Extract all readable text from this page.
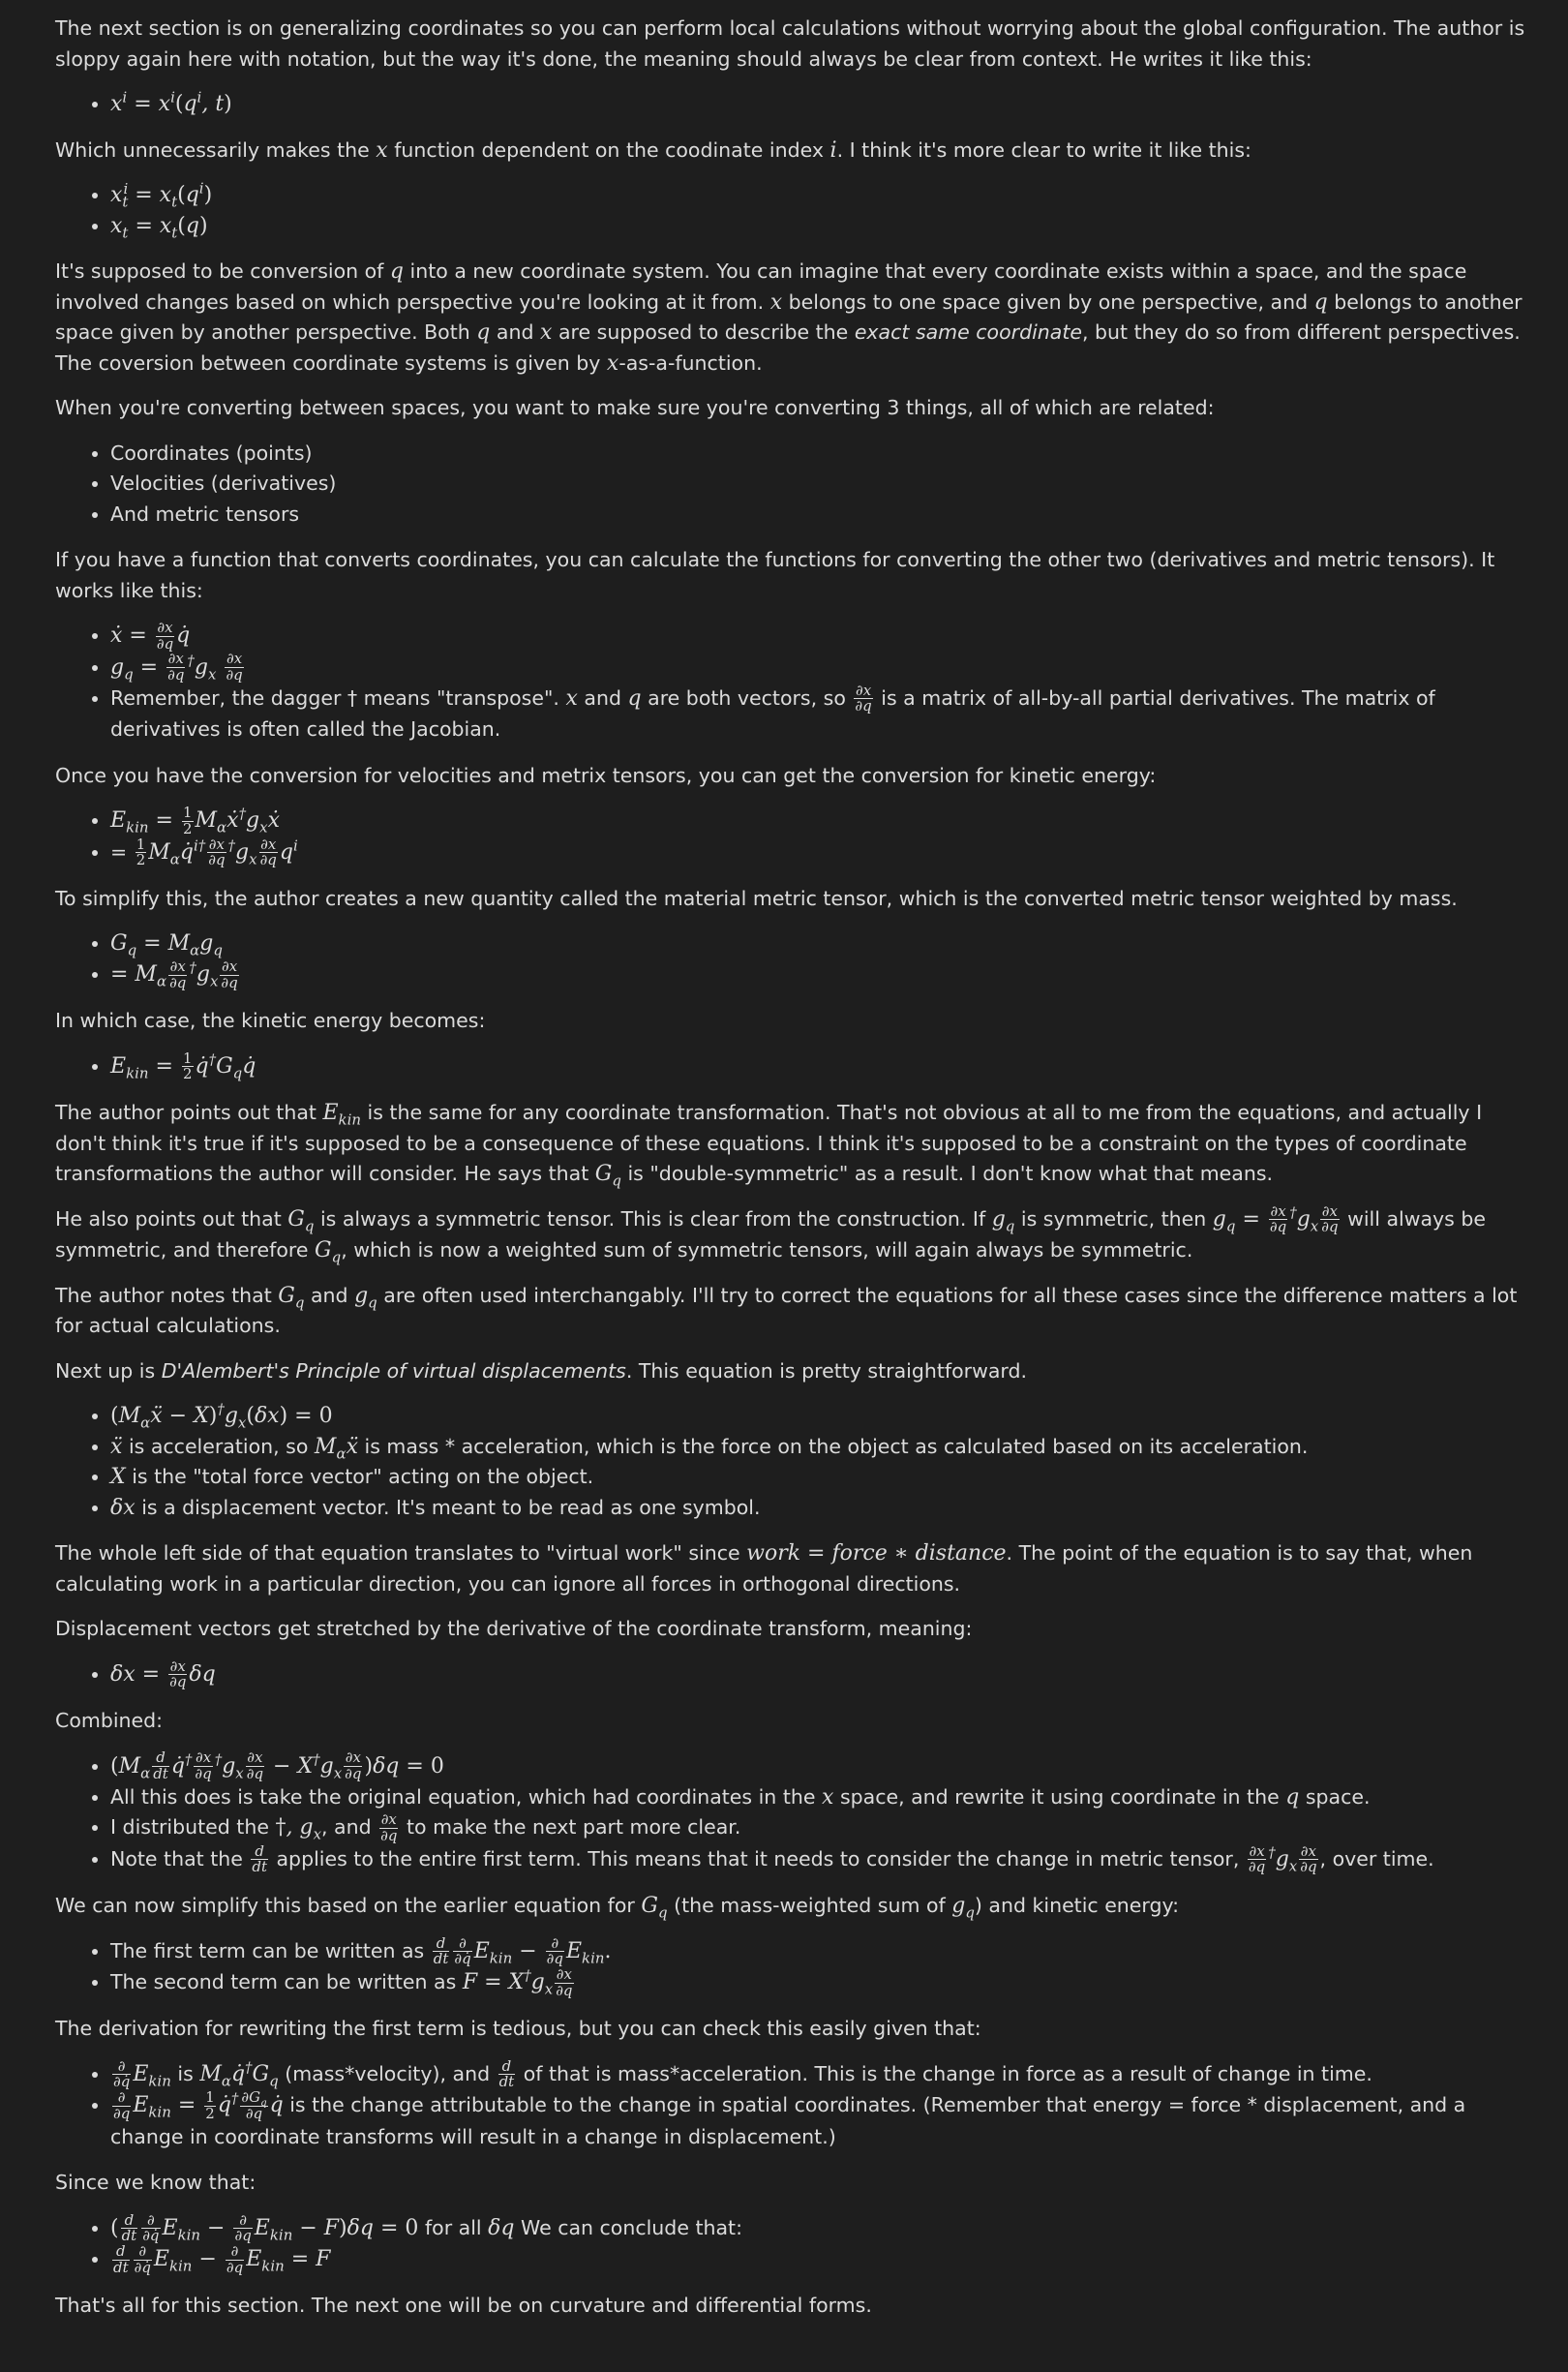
The next section is on generalizing coordinates so you can perform local calculations without worrying about the global configuration. The author is sloppy again here with notation, but the way it's done, the meaning should always be clear from context. He writes it like this:

• $x^i = x^i(q^i$, t)

Which unnecessarily makes the x function dependent on the coodinate index i. I think it's more clear to write it like this:

• $x_t^i = x_t(q^i)$
• $x_t = x_t(q)$

It's supposed to be conversion of q into a new coordinate system. You can imagine that every coordinate exists within a space, and the space involved changes based on which perspective you're looking at it from. x belongs to one space given by one perspective, and q belongs to another space given by another perspective. Both q and x are supposed to describe the exact same coordinate, but they do so from different perspectives. The coversion between coordinate systems is given by x-as-a-function.

When you're converting between spaces, you want to make sure you're converting 3 things, all of which are related:

• Coordinates (points)
• Velocities (derivatives)
• And metric tensors

If you have a function that converts coordinates, you can calculate the functions for converting the other two (derivatives and metric tensors). It works like this:

• ẋ = $\frac{\partial x}{\partial q}$ q̇
• $g_q = \frac{\partial x}{\partial q} ^\dagger g_x \frac{\partial x}{\partial q}$
• Remember, the dagger † means "transpose". x and q are both vectors, so $\frac{\partial x}{\partial q}$ is a matrix of all-by-all partial derivatives. The matrix of derivatives is often called the Jacobian.

Once you have the conversion for velocities and metrix tensors, you can get the conversion for kinetic energy:

• $E_{kin} = \frac{1}{2}$ $M_\alpha ẋ^\dagger g_xẋ$
• = $\frac{1}{2}$ $M_\alpha q̇^{i\dagger} \frac{\partial x}{\partial q} ^\dagger g_x \frac{\partial x}{\partial q} q^i$

To simplify this, the author creates a new quantity called the material metric tensor, which is the converted metric tensor weighted by mass.

• $G_q = M_\alpha g_q$
• = $M_\alpha \frac{\partial x}{\partial q} ^\dagger g_x \frac{\partial x}{\partial q}$

In which case, the kinetic energy becomes:

• $E_{kin} = \frac{1}{2}$ $q̇^\dagger G_qq̇$

The author points out that $E_{kin}$ is the same for any coordinate transformation. That's not obvious at all to me from the equations, and actually I don't think it's true if it's supposed to be a consequence of these equations. I think it's supposed to be a constraint on the types of coordinate transformations the author will consider. He says that $G_q$ is "double-symmetric" as a result. I don't know what that means.

He also points out that $G_q$ is always a symmetric tensor. This is clear from the construction. If $g_q$ is symmetric, then $g_q = \frac{\partial x}{\partial q} ^\dagger g_x \frac{\partial x}{\partial q}$ will always be symmetric, and therefore $G_q$, which is now a weighted sum of symmetric tensors, will again always be symmetric.

The author notes that $G_q$ and $g_q$ are often used interchangably. I'll try to correct the equations for all these cases since the difference matters a lot for actual calculations.

Next up is D'Alembert's Principle of virtual displacements. This equation is pretty straightforward.

• $(M_\alpha ẍ - X)^\dagger g_x(\delta x) = 0$
• ẍ is acceleration, so $M_\alpha ẍ$ is mass * acceleration, which is the force on the object as calculated based on its acceleration.
• X is the "total force vector" acting on the object.
• δx is a displacement vector. It's meant to be read as one symbol.

The whole left side of that equation translates to "virtual work" since work = force ∗ distance. The point of the equation is to say that, when calculating work in a particular direction, you can ignore all forces in orthogonal directions.

Displacement vectors get stretched by the derivative of the coordinate transform, meaning:

• $\delta x = \frac{\partial x}{\partial q}$ δq

Combined:

• ($M_\alpha \frac{d}{dt}$ q̇† $\frac{\partial x}{\partial q} ^\dagger g_x \frac{\partial x}{\partial q} - X^\dagger g_x \frac{\partial x}{\partial q} )\delta q = 0$
• All this does is take the original equation, which had coordinates in the x space, and rewrite it using coordinate in the q space.
• I distributed the †, $g_x$, and $\frac{\partial x}{\partial q}$ to make the next part more clear.
• Note that the $\frac{d}{dt}$ applies to the entire first term. This means that it needs to consider the change in metric tensor, $\frac{\partial x}{\partial q} ^\dagger g_x \frac{\partial x}{\partial q}$ , over time.

We can now simplify this based on the earlier equation for $G_q$ (the mass-weighted sum of $g_q$) and kinetic energy:

• The first term can be written as $\frac{d}{dt} \frac{\partial}{\partial q̇} E_{kin} - \frac{\partial}{\partial q} E_{kin}$.
• The second term can be written as $F = X^\dagger g_x \frac{\partial x}{\partial q}$

The derivation for rewriting the first term is tedious, but you can check this easily given that:

• $\frac{\partial}{\partial q̇} E_{kin}$ is $M_\alpha q̇^\dagger G_q$ (mass*velocity), and $\frac{d}{dt}$ of that is mass*acceleration. This is the change in force as a result of change in time.
• $\frac{\partial}{\partial q} E_{kin} = \frac{1}{2}$ q̇† $\frac{\partial G_q}{\partial q}$ q̇ is the change attributable to the change in spatial coordinates. (Remember that energy = force * displacement, and a change in coordinate transforms will result in a change in displacement.)

Since we know that:

• ( $\frac{d}{dt} \frac{\partial}{\partial q̇} E_{kin} - \frac{\partial}{\partial q} E_{kin} - F)\delta q = 0$ for all δq We can conclude that:
• $\frac{d}{dt} \frac{\partial}{\partial q̇} E_{kin} - \frac{\partial}{\partial q} E_{kin} = F$

That's all for this section. The next one will be on curvature and differential forms.
